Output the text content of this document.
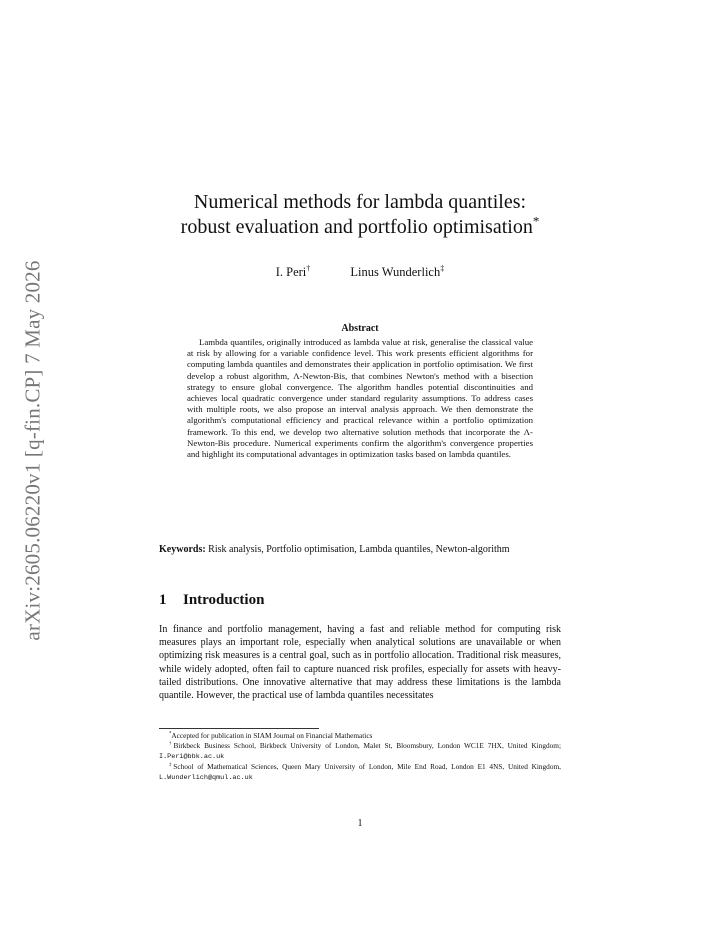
arXiv:2605.06220v1 [q-fin.CP] 7 May 2026
Numerical methods for lambda quantiles:
robust evaluation and portfolio optimisation*
I. Peri†	Linus Wunderlich‡
Abstract

Lambda quantiles, originally introduced as lambda value at risk, generalise the classical value at risk by allowing for a variable confidence level. This work presents efficient algorithms for computing lambda quantiles and demonstrates their application in portfolio optimisation. We first develop a robust algorithm, Λ-Newton-Bis, that combines Newton's method with a bisection strategy to ensure global convergence. The algorithm handles potential discontinuities and achieves local quadratic convergence under standard regularity assumptions. To address cases with multiple roots, we also propose an interval analysis approach. We then demonstrate the algorithm's computational efficiency and practical relevance within a portfolio optimization framework. To this end, we develop two alternative solution methods that incorporate the Λ-Newton-Bis procedure. Numerical experiments confirm the algorithm's convergence properties and highlight its computational advantages in optimization tasks based on lambda quantiles.

Keywords: Risk analysis, Portfolio optimisation, Lambda quantiles, Newton-algorithm

1 Introduction

In finance and portfolio management, having a fast and reliable method for computing risk measures plays an important role, especially when analytical solutions are unavailable or when optimizing risk measures is a central goal, such as in portfolio allocation. Traditional risk measures, while widely adopted, often fail to capture nuanced risk profiles, especially for assets with heavy-tailed distributions. One innovative alternative that may address these limitations is the lambda quantile. However, the practical use of lambda quantiles necessitates

*Accepted for publication in SIAM Journal on Financial Mathematics

†Birkbeck Business School, Birkbeck University of London, Malet St, Bloomsbury, London WC1E 7HX, United Kingdom; I.Peri@bbk.ac.uk

‡School of Mathematical Sciences, Queen Mary University of London, Mile End Road, London E1 4NS, United Kingdom, L.Wunderlich@qmul.ac.uk

1
